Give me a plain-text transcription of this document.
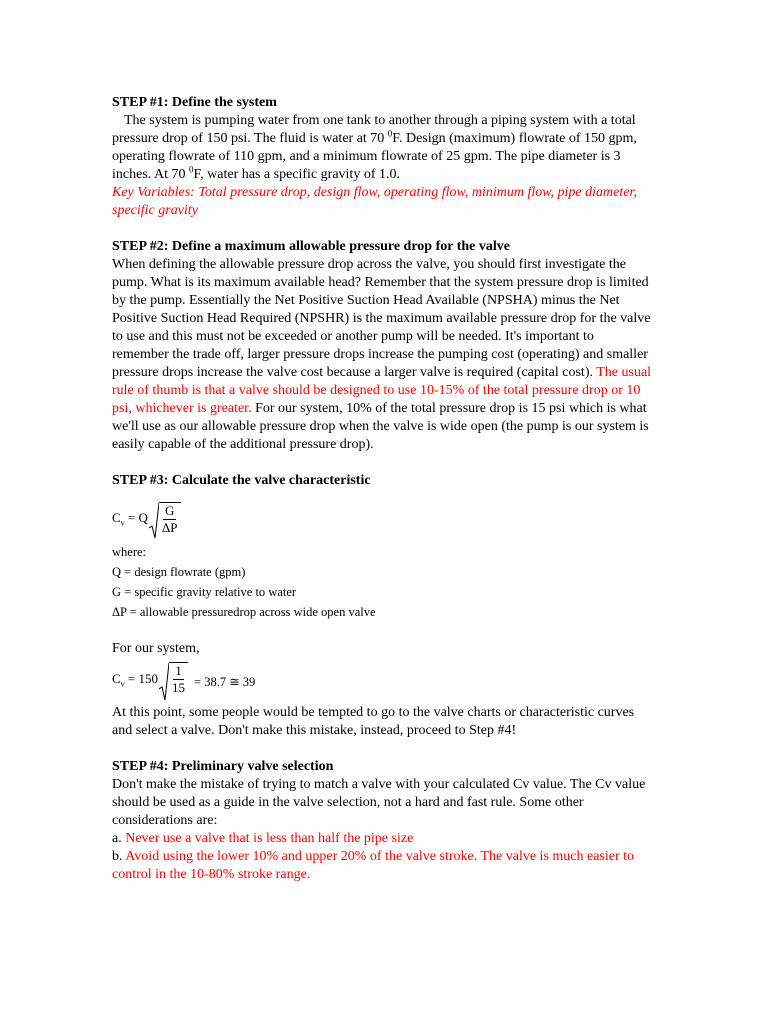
STEP #1: Define the system

The system is pumping water from one tank to another through a piping system with a total pressure drop of 150 psi. The fluid is water at 70 $^0$F. Design (maximum) flowrate of 150 gpm, operating flowrate of 110 gpm, and a minimum flowrate of 25 gpm. The pipe diameter is 3 inches. At 70 $^0$F, water has a specific gravity of 1.0.

Key Variables: Total pressure drop, design flow, operating flow, minimum flow, pipe diameter, specific gravity

STEP #2: Define a maximum allowable pressure drop for the valve

When defining the allowable pressure drop across the valve, you should first investigate the pump. What is its maximum available head? Remember that the system pressure drop is limited by the pump. Essentially the Net Positive Suction Head Available (NPSHA) minus the Net Positive Suction Head Required (NPSHR) is the maximum available pressure drop for the valve to use and this must not be exceeded or another pump will be needed. It's important to remember the trade off, larger pressure drops increase the pumping cost (operating) and smaller pressure drops increase the valve cost because a larger valve is required (capital cost). The usual rule of thumb is that a valve should be designed to use 10-15% of the total pressure drop or 10 psi, whichever is greater. For our system, 10% of the total pressure drop is 15 psi which is what we'll use as our allowable pressure drop when the valve is wide open (the pump is our system is easily capable of the additional pressure drop).

STEP #3: Calculate the valve characteristic

$C_v = Q \frac{G}{\Delta P}$

where:

Q = design flowrate (gpm)

G = specific gravity relative to water

ΔP = allowable pressuredrop across wide open valve

For our system,

$C_v = 150 \frac{1}{15} = 38.7$ ≅ 39

At this point, some people would be tempted to go to the valve charts or characteristic curves and select a valve. Don't make this mistake, instead, proceed to Step #4!

STEP #4: Preliminary valve selection

Don't make the mistake of trying to match a valve with your calculated Cv value. The Cv value should be used as a guide in the valve selection, not a hard and fast rule. Some other considerations are:

a. Never use a valve that is less than half the pipe size

b. Avoid using the lower 10% and upper 20% of the valve stroke. The valve is much easier to control in the 10-80% stroke range.
